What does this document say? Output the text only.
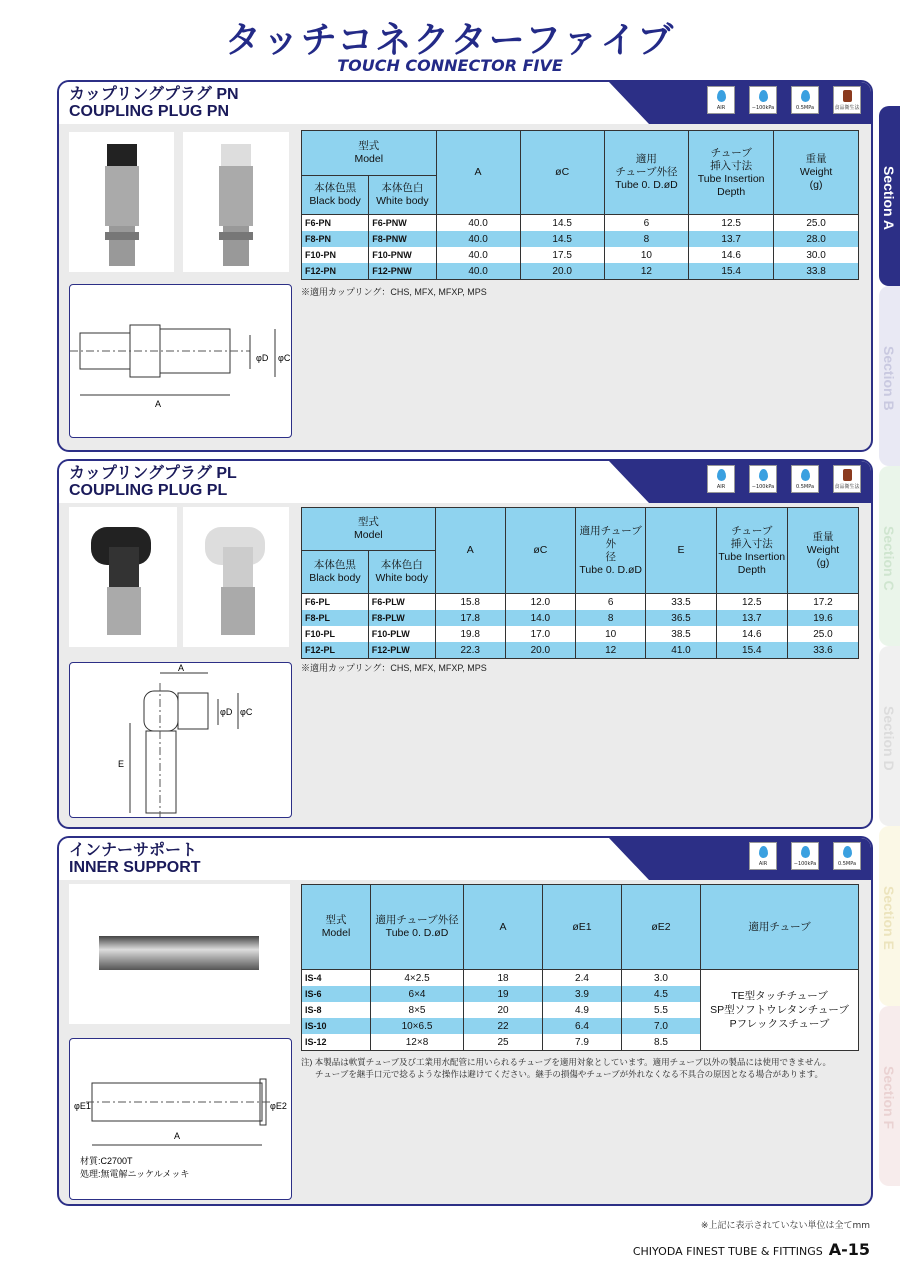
タッチコネクターファイブ
TOUCH CONNECTOR FIVE
Section A
Section B
Section C
Section D
Section E
Section F
カップリングプラグ PN
COUPLING PLUG PN	AIR	−100kPa	0.5MPa	食品衛生法
A
φD φC
型式
Model		A	øC	適用
チューブ外径
Tube 0. D.øD	チューブ
挿入寸法
Tube Insertion
Depth	重量
Weight
(g)
本体色黒
Black body	本体色白
White body					
F6-PN	F6-PNW	40.0	14.5	6	12.5	25.0
F8-PN	F8-PNW	40.0	14.5	8	13.7	28.0
F10-PN	F10-PNW	40.0	17.5	10	14.6	30.0
F12-PN	F12-PNW	40.0	20.0	12	15.4	33.8
※適用カップリング：CHS, MFX, MFXP, MPS
カップリングプラグ PL
COUPLING PLUG PL	AIR	−100kPa	0.5MPa	食品衛生法
A
φD φC
E
型式
Model		A	øC	適用チューブ外
径
Tube 0. D.øD	E	チューブ
挿入寸法
Tube Insertion
Depth	重量
Weight
(g)
本体色黒
Black body	本体色白
White body						
F6-PL	F6-PLW	15.8	12.0	6	33.5	12.5	17.2
F8-PL	F8-PLW	17.8	14.0	8	36.5	13.7	19.6
F10-PL	F10-PLW	19.8	17.0	10	38.5	14.6	25.0
F12-PL	F12-PLW	22.3	20.0	12	41.0	15.4	33.6
※適用カップリング：CHS, MFX, MFXP, MPS
インナーサポート
INNER SUPPORT	AIR	−100kPa	0.5MPa
A
φE1	φE2
材質:C2700T
処理:無電解ニッケルメッキ
型式
Model	適用チューブ外径
Tube 0. D.øD	A	øE1	øE2	適用チューブ
IS-4	4×2.5	18	2.4	3.0	TE型タッチチューブ
SP型ソフトウレタンチューブ
Pフレックスチューブ

IS-6	6×4	19	3.9	4.5	
IS-8	8×5	20	4.9	5.5	
IS-10	10×6.5	22	6.4	7.0	
IS-12	12×8	25	7.9	8.5	
注) 本製品は軟質チューブ及び工業用水配管に用いられるチューブを適用対象としています。適用チューブ以外の製品には使用できません。
チューブを継手口元で捻るような操作は避けてください。継手の損傷やチューブが外れなくなる不具合の原因となる場合があります。
※上記に表示されていない単位は全てmm
CHIYODA FINEST TUBE & FITTINGS A-15
